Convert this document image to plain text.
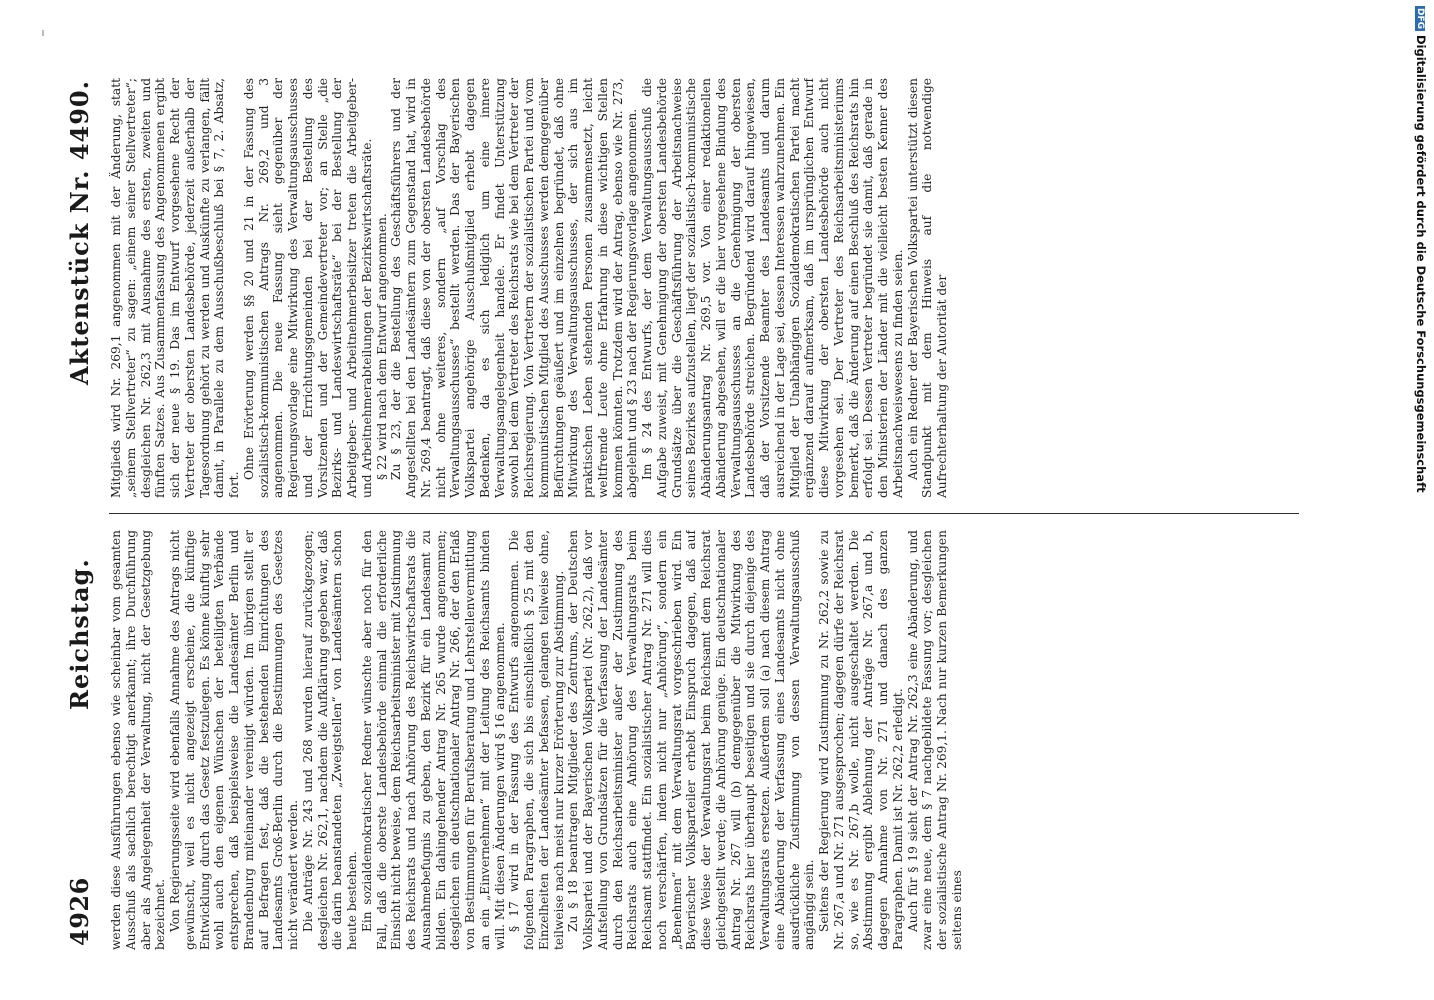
4926
Reichstag.
Aktenstück Nr. 4490.

werden diese Ausführungen ebenso wie scheinbar vom gesamten Ausschuß als sachlich berechtigt anerkannt; ihre Durchführung aber als Angelegenheit der Verwaltung, nicht der Gesetzgebung bezeichnet. Von Regierungsseite wird ebenfalls Annahme des Antrags nicht gewünscht, weil es nicht angezeigt erscheine, die künftige Entwicklung durch das Gesetz festzulegen. Es könne künftig sehr wohl auch den eigenen Wünschen der beteiligten Verbände entsprechen, daß beispielsweise die Landesämter Berlin und Brandenburg miteinander vereinigt würden. Im übrigen stellt er auf Befragen fest, daß die bestehenden Einrichtungen des Landesamts Groß-Berlin durch die Bestimmungen des Gesetzes nicht verändert werden. Die Anträge Nr. 243 und 268 wurden hierauf zurückgezogen; desgleichen Nr. 262,1, nachdem die Aufklärung gegeben war, daß die darin beanstandeten „Zweigstellen“ von Landesämtern schon heute bestehen. Ein sozialdemokratischer Redner wünschte aber noch für den Fall, daß die oberste Landesbehörde einmal die erforderliche Einsicht nicht beweise, dem Reichsarbeitsminister mit Zustimmung des Reichsrats und nach Anhörung des Reichswirtschaftsrats die Ausnahmebefugnis zu geben, den Bezirk für ein Landesamt zu bilden. Ein dahingehender Antrag Nr. 265 wurde angenommen; desgleichen ein deutschnationaler Antrag Nr. 266, der den Erlaß von Bestimmungen für Berufsberatung und Lehrstellenvermittlung an ein „Einvernehmen“ mit der Leitung des Reichsamts binden will. Mit diesen Änderungen wird § 16 angenommen. § 17 wird in der Fassung des Entwurfs angenommen. Die folgenden Paragraphen, die sich bis einschließlich § 25 mit den Einzelheiten der Landesämter befassen, gelangen teilweise ohne, teilweise nach meist nur kurzer Erörterung zur Abstimmung. Zu § 18 beantragen Mitglieder des Zentrums, der Deutschen Volkspartei und der Bayerischen Volkspartei (Nr. 262,2), daß vor Aufstellung von Grundsätzen für die Verfassung der Landesämter durch den Reichsarbeitsminister außer der Zustimmung des Reichsrats auch eine Anhörung des Verwaltungsrats beim Reichsamt stattfindet. Ein sozialistischer Antrag Nr. 271 will dies noch verschärfen, indem nicht nur „Anhörung“, sondern ein „Benehmen“ mit dem Verwaltungsrat vorgeschrieben wird. Ein Bayerischer Volksparteiler erhebt Einspruch dagegen, daß auf diese Weise der Verwaltungsrat beim Reichsamt dem Reichsrat gleichgestellt werde; die Anhörung genüge. Ein deutschnationaler Antrag Nr. 267 will (b) demgegenüber die Mitwirkung des Reichsrats hier überhaupt beseitigen und sie durch diejenige des Verwaltungsrats ersetzen. Außerdem soll (a) nach diesem Antrag eine Abänderung der Verfassung eines Landesamts nicht ohne ausdrückliche Zustimmung von dessen Verwaltungsausschuß angängig sein. Seitens der Regierung wird Zustimmung zu Nr. 262,2 sowie zu Nr. 267,a und Nr. 271 ausgesprochen; dagegen dürfe der Reichsrat so, wie es Nr. 267,b wolle, nicht ausgeschaltet werden. Die Abstimmung ergibt Ablehnung der Anträge Nr. 267,a und b, dagegen Annahme von Nr. 271 und danach des ganzen Paragraphen. Damit ist Nr. 262,2 erledigt. Auch für § 19 sieht der Antrag Nr. 262,3 eine Abänderung, und zwar eine neue, dem § 7 nachgebildete Fassung vor; desgleichen der sozialistische Antrag Nr. 269,1. Nach nur kurzen Bemerkungen seitens eines

Mitglieds wird Nr. 269,1 angenommen mit der Änderung, statt „seinem Stellvertreter“ zu sagen: „einem seiner Stellvertreter“; desgleichen Nr. 262,3 mit Ausnahme des ersten, zweiten und fünften Satzes. Aus Zusammenfassung des Angenommenen ergibt sich der neue § 19. Das im Entwurf vorgesehene Recht der Vertreter der obersten Landesbehörde, jederzeit außerhalb der Tagesordnung gehört zu werden und Auskünfte zu verlangen, fällt damit, in Parallele zu dem Ausschußbeschluß bei § 7, 2. Absatz, fort.

Ohne Erörterung werden §§ 20 und 21 in der Fassung des sozialistisch-kommunistischen Antrags Nr. 269,2 und 3 angenommen. Die neue Fassung sieht gegenüber der Regierungsvorlage eine Mitwirkung des Verwaltungsausschusses und der Errichtungsgemeinden bei der Bestellung des Vorsitzenden und der Gemeindevertreter vor; an Stelle „die Bezirks- und Landeswirtschaftsräte“ bei der Bestellung der Arbeitgeber- und Arbeitnehmerbeisitzer treten die Arbeitgeber- und Arbeitnehmerabteilungen der Bezirkswirtschaftsräte. § 22 wird nach dem Entwurf angenommen. Zu § 23, der die Bestellung des Geschäftsführers und der Angestellten bei den Landesämtern zum Gegenstand hat, wird in Nr. 269,4 beantragt, daß diese von der obersten Landesbehörde nicht ohne weiteres, sondern „auf Vorschlag des Verwaltungsausschusses“ bestellt werden. Das der Bayerischen Volkspartei angehörige Ausschußmitglied erhebt dagegen Bedenken, da es sich lediglich um eine innere Verwaltungsangelegenheit handele. Er findet Unterstützung sowohl bei dem Vertreter des Reichsrats wie bei dem Vertreter der Reichsregierung. Von Vertretern der sozialistischen Partei und vom kommunistischen Mitglied des Ausschusses werden demgegenüber Befürchtungen geäußert und im einzelnen begründet, daß ohne Mitwirkung des Verwaltungsausschusses, der sich aus im praktischen Leben stehenden Personen zusammensetzt, leicht weltfremde Leute ohne Erfahrung in diese wichtigen Stellen kommen könnten. Trotzdem wird der Antrag, ebenso wie Nr. 273, abgelehnt und § 23 nach der Regierungsvorlage angenommen. Im § 24 des Entwurfs, der dem Verwaltungsausschuß die Aufgabe zuweist, mit Genehmigung der obersten Landesbehörde Grundsätze über die Geschäftsführung der Arbeitsnachweise seines Bezirkes aufzustellen, liegt der sozialistisch-kommunistische Abänderungsantrag Nr. 269,5 vor. Von einer redaktionellen Abänderung abgesehen, will er die hier vorgesehene Bindung des Verwaltungsausschusses an die Genehmigung der obersten Landesbehörde streichen. Begründend wird darauf hingewiesen, daß der Vorsitzende Beamter des Landesamts und darum ausreichend in der Lage sei, dessen Interessen wahrzunehmen. Ein Mitglied der Unabhängigen Sozialdemokratischen Partei macht ergänzend darauf aufmerksam, daß im ursprünglichen Entwurf diese Mitwirkung der obersten Landesbehörde auch nicht vorgesehen sei. Der Vertreter des Reichsarbeitsministeriums bemerkt, daß die Änderung auf einen Beschluß des Reichsrats hin erfolgt sei. Dessen Vertreter begründet sie damit, daß gerade in den Ministerien der Länder mit die vielleicht besten Kenner des Arbeitsnachweiswesens zu finden seien. Auch ein Redner der Bayerischen Volkspartei unterstützt diesen Standpunkt mit dem Hinweis auf die notwendige Aufrechterhaltung der Autorität der

DFGDigitalisierung gefördert durch die Deutsche Forschungsgemeinschaft
